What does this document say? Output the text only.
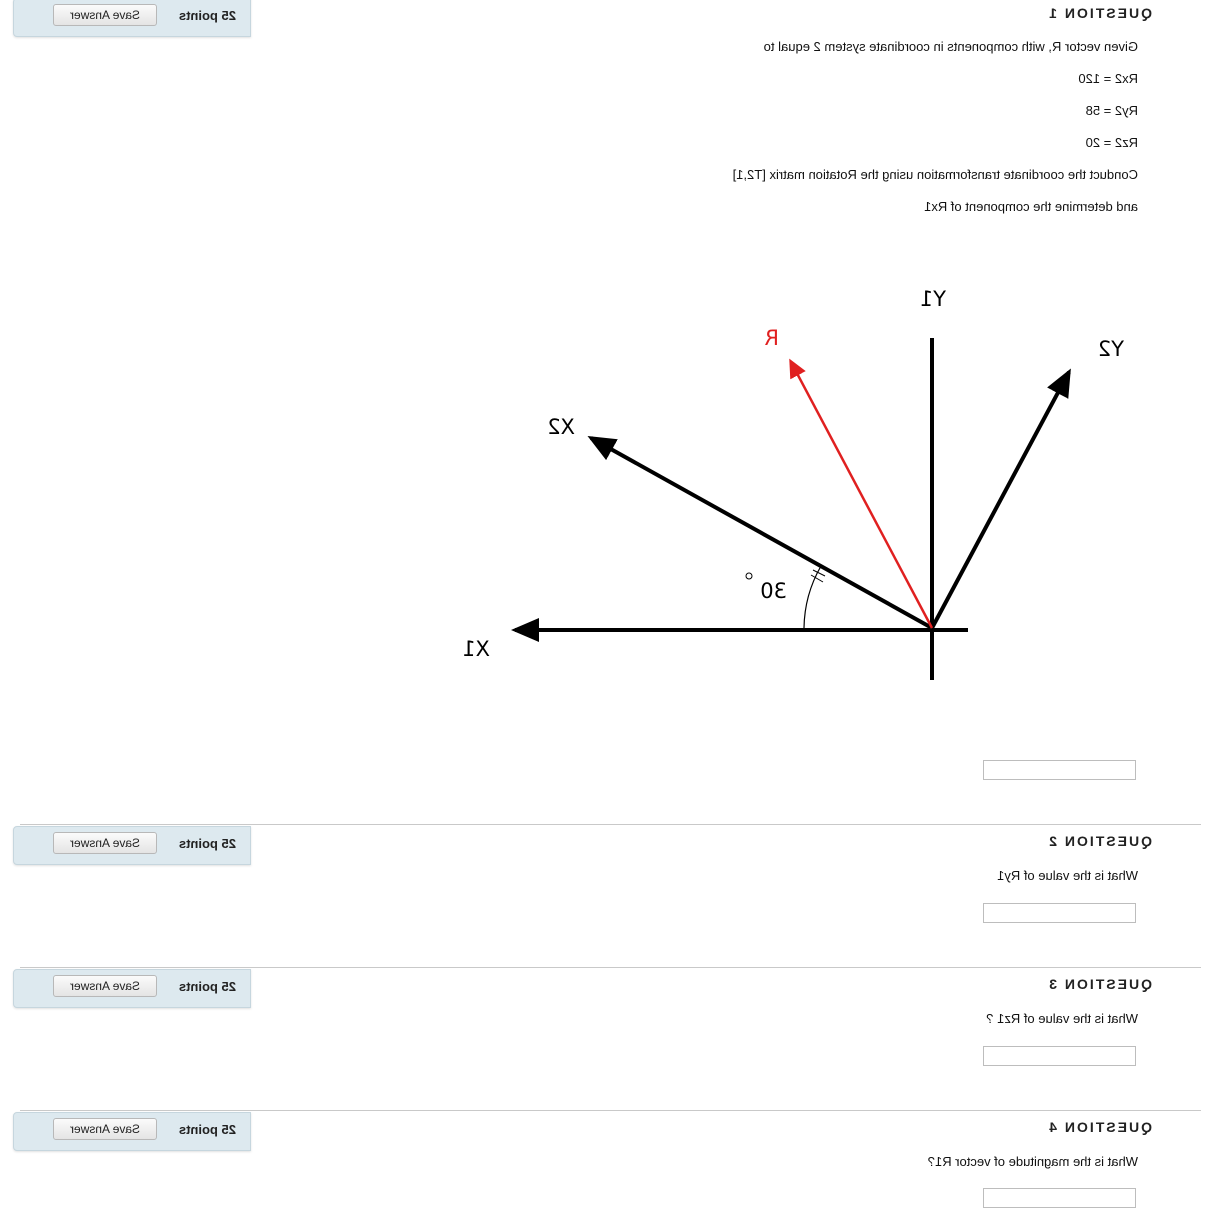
QUESTION 1
25 points
Save Answer
Given vector R, with components in coordinate system 2 equal to
Rx2 = 120
Ry2 = 58
Rz2 = 20
Conduct the coordinate transformation using the Rotation matrix [T2,1]
and determine the component of Rx1
Y1
Y2
X2
X1
R
30
QUESTION 2
25 points
Save Answer
What is the value of Ry1
QUESTION 3
25 points
Save Answer
What is the value of Rz1 ?
QUESTION 4
25 points
Save Answer
What is the magnitude of vector R1?
